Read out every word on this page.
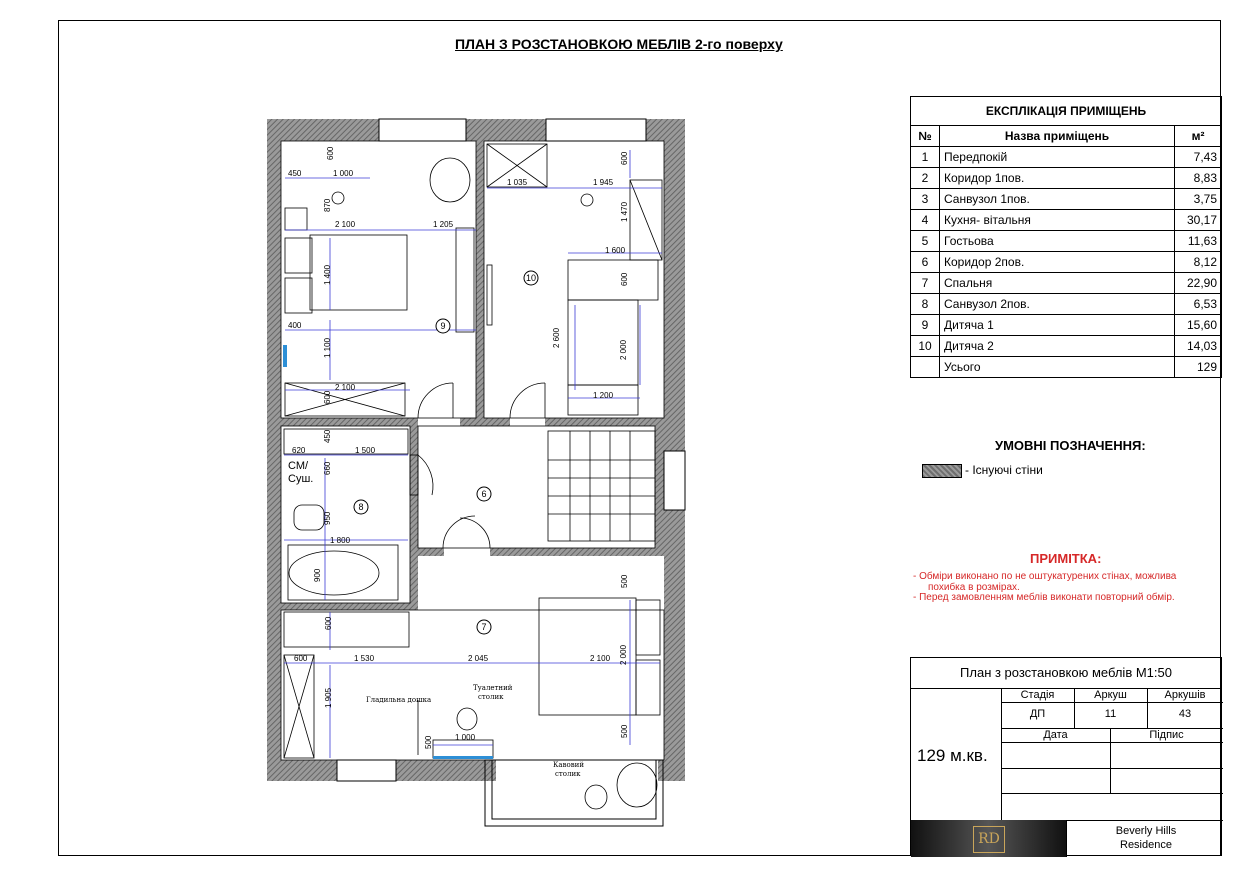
ПЛАН З РОЗСТАНОВКОЮ МЕБЛІВ 2-го поверху
9
10
8
6
7
СМ/
Суш.
Гладильна дошка
Туалетний
столик
Кавовий
столик
450	1 000
600
870
2 100	1 205
1 400
400
1 100
2 100
600
1 035	1 945
600
1 470
1 600
600
2 600
2 000
1 200
620
450
1 500
660
950
1 800
900
600
600	1 530	2 045	2 100
500
2 000
500
1 905
500	1 000
ЕКСПЛІКАЦІЯ ПРИМІЩЕНЬ
№	Назва приміщень	м²
1	Передпокій	7,43
2	Коридор 1пов.	8,83
3	Санвузол 1пов.	3,75
4	Кухня- вітальня	30,17
5	Гостьова	11,63
6	Коридор 2пов.	8,12
7	Спальня	22,90
8	Санвузол 2пов.	6,53
9	Дитяча 1	15,60
10	Дитяча 2	14,03
	Усього	129
УМОВНІ ПОЗНАЧЕННЯ:
- Існуючі стіни
ПРИМІТКА:
- Обміри виконано по не оштукатурених стінах, можлива
похибка в розмірах.
- Перед замовленням меблів виконати повторний обмір.
План з розстановкою меблів М1:50
Стадія	Аркуш	Аркушів
ДП	11	43
Дата	Підпис
129 м.кв.
RD	Beverly Hills
Residence
